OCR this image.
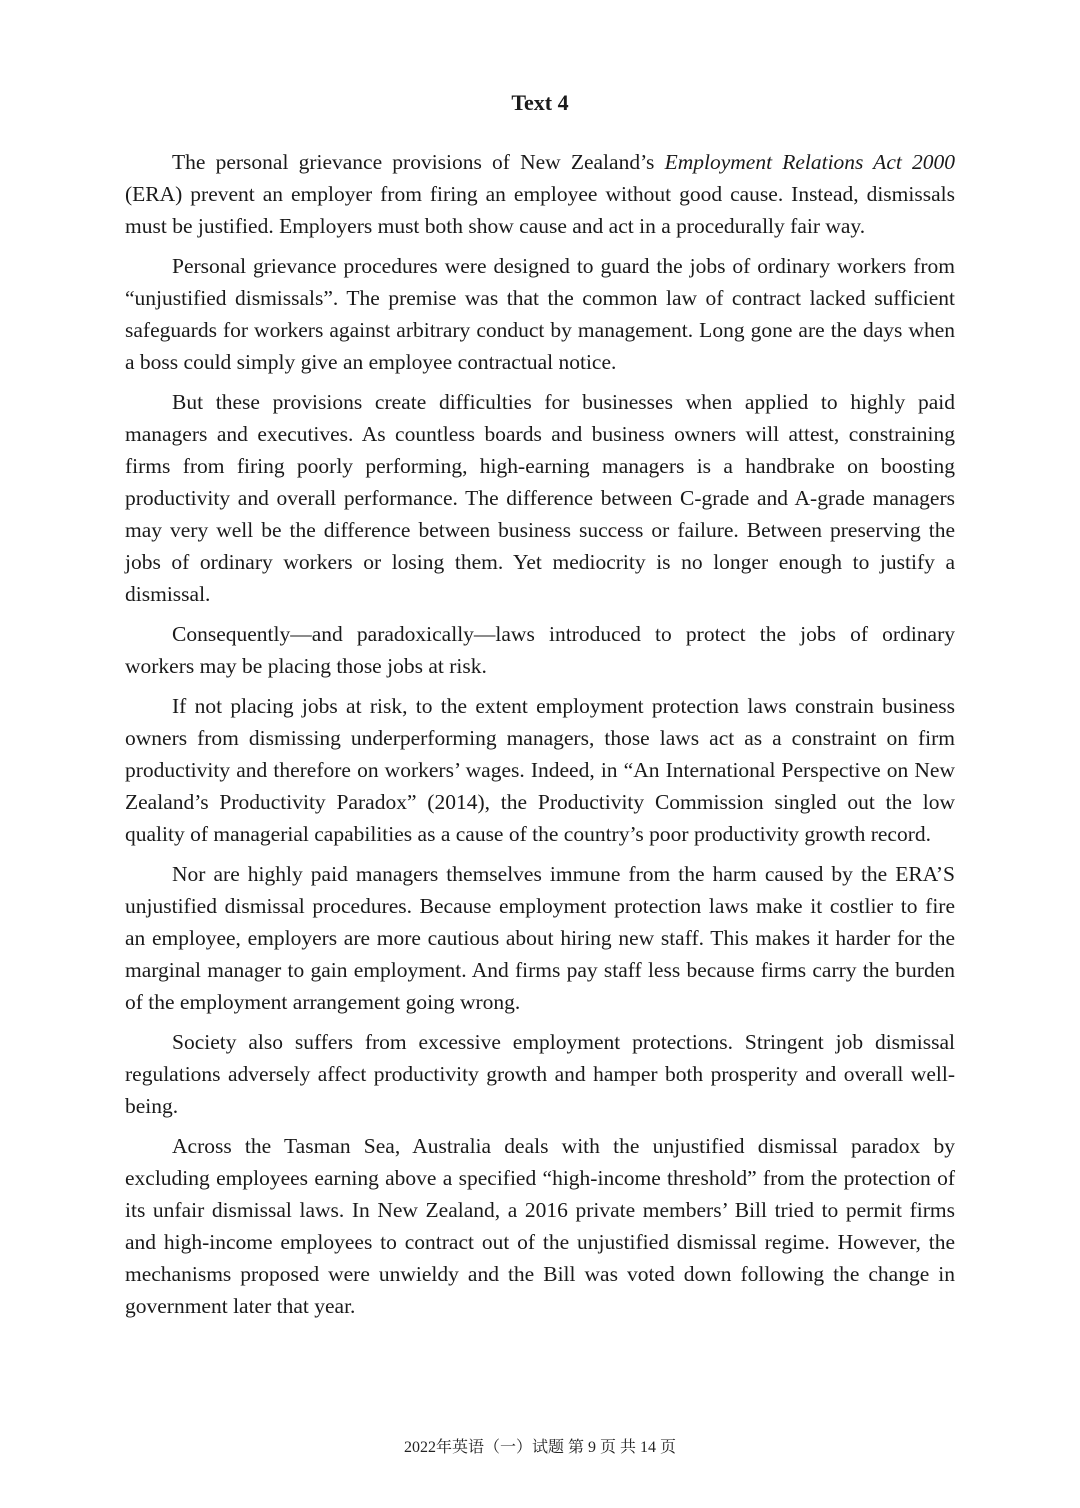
Text 4

The personal grievance provisions of New Zealand’s Employment Relations Act 2000 (ERA) prevent an employer from firing an employee without good cause. Instead, dismissals must be justified. Employers must both show cause and act in a procedurally fair way.

Personal grievance procedures were designed to guard the jobs of ordinary workers from “unjustified dismissals”. The premise was that the common law of contract lacked sufficient safeguards for workers against arbitrary conduct by management. Long gone are the days when a boss could simply give an employee contractual notice.

But these provisions create difficulties for businesses when applied to highly paid managers and executives. As countless boards and business owners will attest, constraining firms from firing poorly performing, high-earning managers is a handbrake on boosting productivity and overall performance. The difference between C-grade and A-grade managers may very well be the difference between business success or failure. Between preserving the jobs of ordinary workers or losing them. Yet mediocrity is no longer enough to justify a dismissal.

Consequently—and paradoxically—laws introduced to protect the jobs of ordinary workers may be placing those jobs at risk.

If not placing jobs at risk, to the extent employment protection laws constrain business owners from dismissing underperforming managers, those laws act as a constraint on firm productivity and therefore on workers’ wages. Indeed, in “An International Perspective on New Zealand’s Productivity Paradox” (2014), the Productivity Commission singled out the low quality of managerial capabilities as a cause of the country’s poor productivity growth record.

Nor are highly paid managers themselves immune from the harm caused by the ERA’S unjustified dismissal procedures. Because employment protection laws make it costlier to fire an employee, employers are more cautious about hiring new staff. This makes it harder for the marginal manager to gain employment. And firms pay staff less because firms carry the burden of the employment arrangement going wrong.

Society also suffers from excessive employment protections. Stringent job dismissal regulations adversely affect productivity growth and hamper both prosperity and overall well-being.

Across the Tasman Sea, Australia deals with the unjustified dismissal paradox by excluding employees earning above a specified “high-income threshold” from the protection of its unfair dismissal laws. In New Zealand, a 2016 private members’ Bill tried to permit firms and high-income employees to contract out of the unjustified dismissal regime. However, the mechanisms proposed were unwieldy and the Bill was voted down following the change in government later that year.

2022年英语（一）试题 第 9 页 共 14 页
